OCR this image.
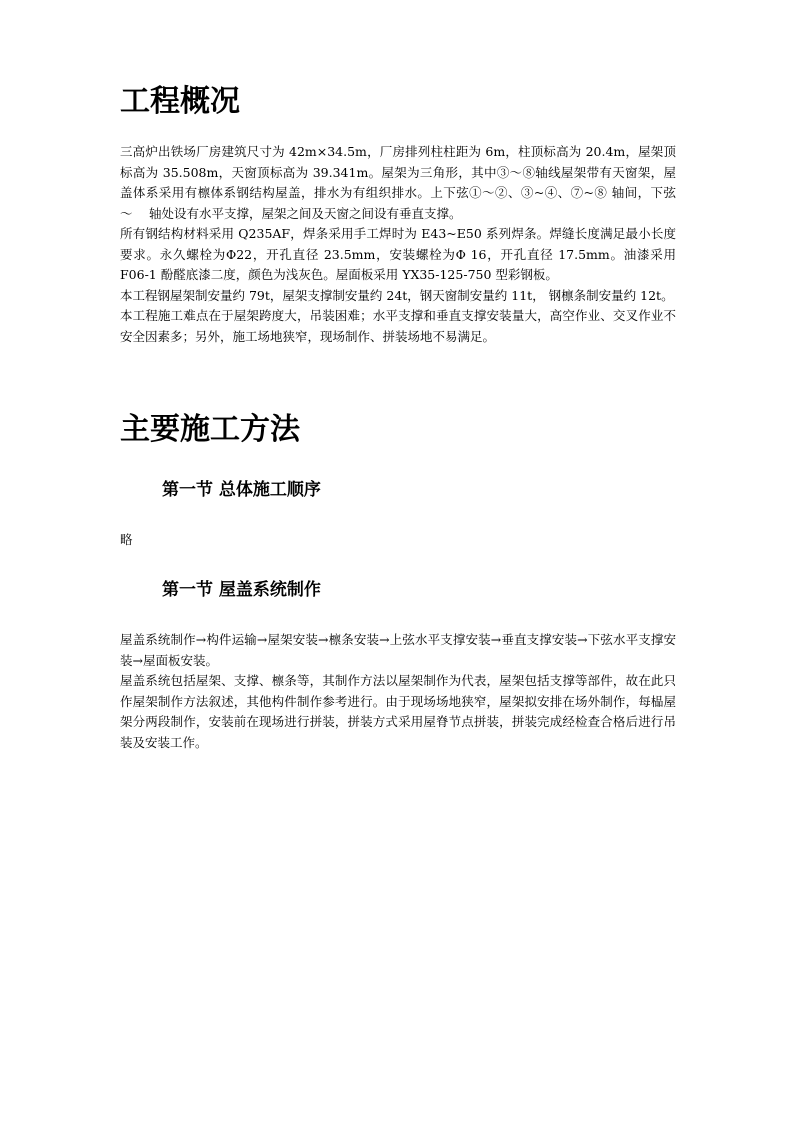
工程概况

三高炉出铁场厂房建筑尺寸为 42m×34.5m，厂房排列柱柱距为 6m，柱顶标高为 20.4m，屋架顶标高为 35.508m，天窗顶标高为 39.341m。屋架为三角形，其中③～⑧轴线屋架带有天窗架，屋盖体系采用有檩体系钢结构屋盖，排水为有组织排水。上下弦①～②、③~④、⑦~⑧ 轴间，下弦　～　 轴处设有水平支撑，屋架之间及天窗之间设有垂直支撑。

所有钢结构材料采用 Q235AF，焊条采用手工焊时为 E43~E50 系列焊条。焊缝长度满足最小长度要求。永久螺栓为Φ22，开孔直径 23.5mm，安装螺栓为Φ 16，开孔直径 17.5mm。油漆采用 F06-1 酚醛底漆二度，颜色为浅灰色。屋面板采用 YX35-125-750 型彩钢板。

本工程钢屋架制安量约 79t，屋架支撑制安量约 24t，钢天窗制安量约 11t， 钢檩条制安量约 12t。

本工程施工难点在于屋架跨度大，吊装困难；水平支撑和垂直支撑安装量大，高空作业、交叉作业不安全因素多；另外，施工场地狭窄，现场制作、拼装场地不易满足。

主要施工方法
第一节 总体施工顺序

略

第一节 屋盖系统制作

屋盖系统制作→构件运输→屋架安装→檩条安装→上弦水平支撑安装→垂直支撑安装→下弦水平支撑安装→屋面板安装。

屋盖系统包括屋架、支撑、檩条等，其制作方法以屋架制作为代表，屋架包括支撑等部件，故在此只作屋架制作方法叙述，其他构件制作参考进行。由于现场场地狭窄，屋架拟安排在场外制作，每榀屋架分两段制作，安装前在现场进行拼装，拼装方式采用屋脊节点拼装，拼装完成经检查合格后进行吊装及安装工作。
